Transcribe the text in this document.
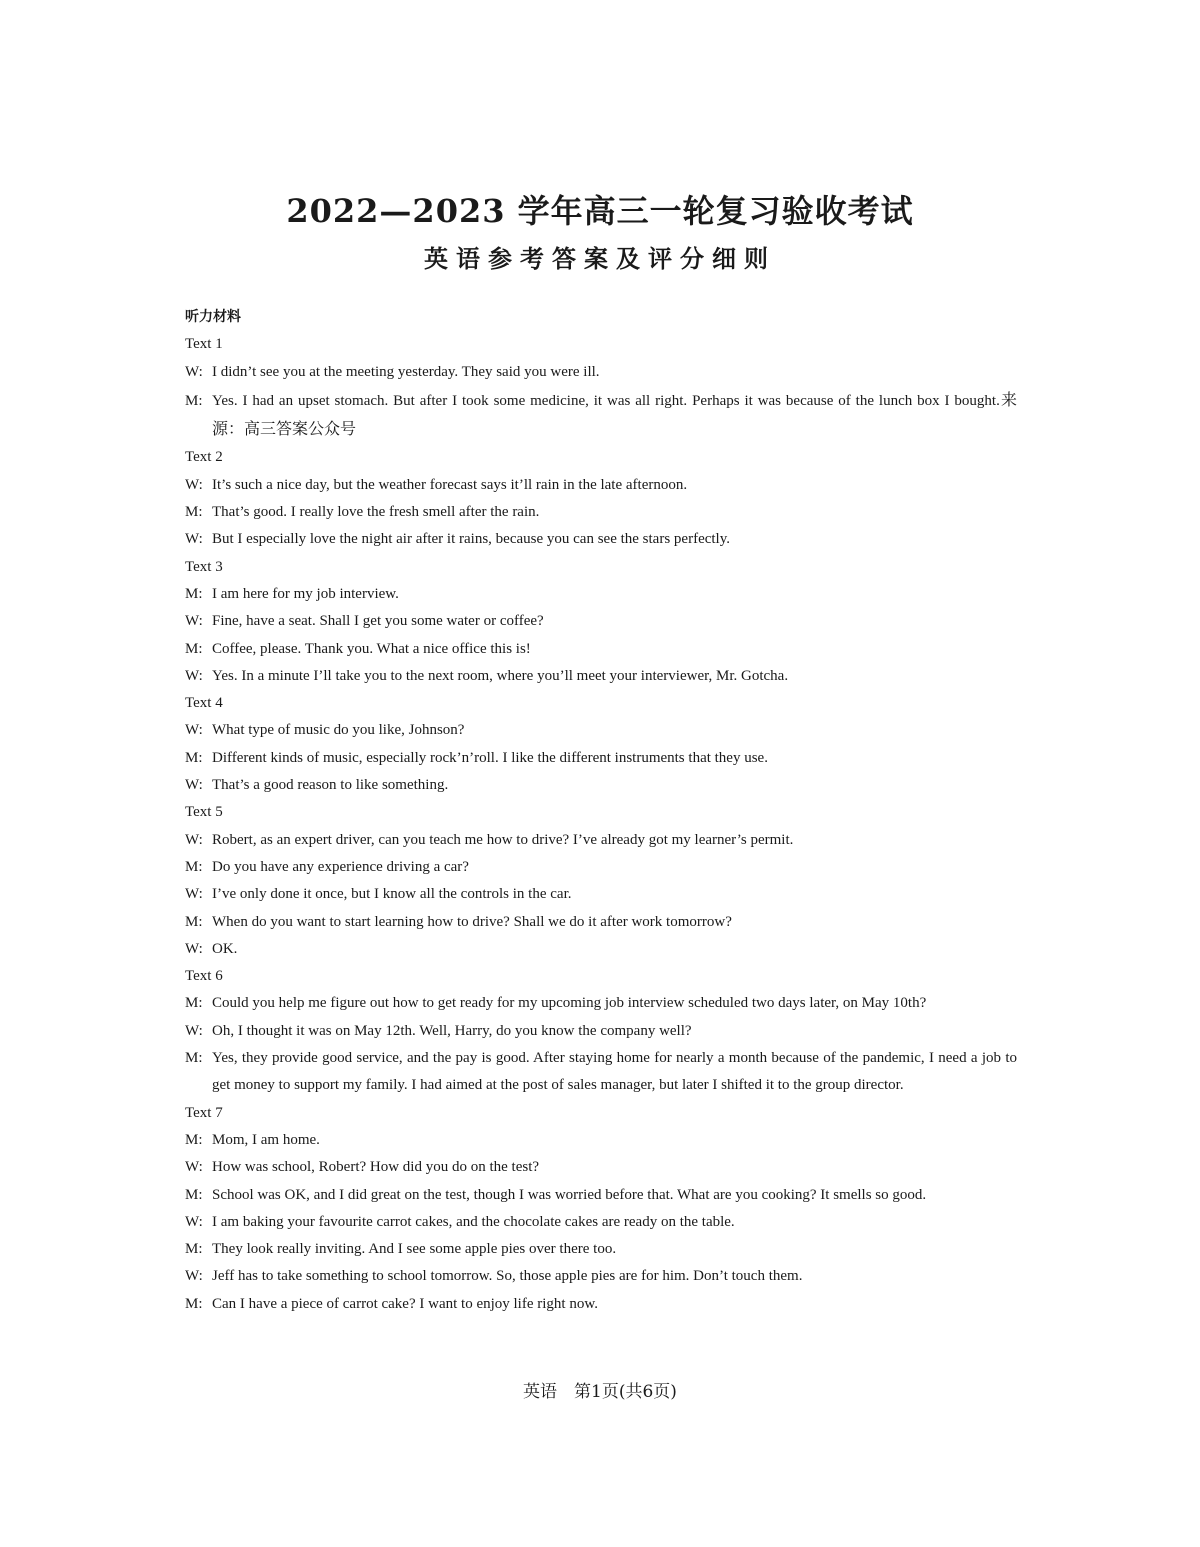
2022—2023 学年高三一轮复习验收考试
英语参考答案及评分细则
听力材料
Text 1
W: I didn’t see you at the meeting yesterday. They said you were ill.
M: Yes. I had an upset stomach. But after I took some medicine, it was all right. Perhaps it was because of the lunch box I bought.来源：高三答案公众号
Text 2
W: It’s such a nice day, but the weather forecast says it’ll rain in the late afternoon.
M: That’s good. I really love the fresh smell after the rain.
W: But I especially love the night air after it rains, because you can see the stars perfectly.
Text 3
M: I am here for my job interview.
W: Fine, have a seat. Shall I get you some water or coffee?
M: Coffee, please. Thank you. What a nice office this is!
W: Yes. In a minute I’ll take you to the next room, where you’ll meet your interviewer, Mr. Gotcha.
Text 4
W: What type of music do you like, Johnson?
M: Different kinds of music, especially rock’n’roll. I like the different instruments that they use.
W: That’s a good reason to like something.
Text 5
W: Robert, as an expert driver, can you teach me how to drive? I’ve already got my learner’s permit.
M: Do you have any experience driving a car?
W: I’ve only done it once, but I know all the controls in the car.
M: When do you want to start learning how to drive? Shall we do it after work tomorrow?
W: OK.
Text 6
M: Could you help me figure out how to get ready for my upcoming job interview scheduled two days later, on May 10th?
W: Oh, I thought it was on May 12th. Well, Harry, do you know the company well?
M: Yes, they provide good service, and the pay is good. After staying home for nearly a month because of the pandemic, I need a job to get money to support my family. I had aimed at the post of sales manager, but later I shifted it to the group director.
Text 7
M: Mom, I am home.
W: How was school, Robert? How did you do on the test?
M: School was OK, and I did great on the test, though I was worried before that. What are you cooking? It smells so good.
W: I am baking your favourite carrot cakes, and the chocolate cakes are ready on the table.
M: They look really inviting. And I see some apple pies over there too.
W: Jeff has to take something to school tomorrow. So, those apple pies are for him. Don’t touch them.
M: Can I have a piece of carrot cake? I want to enjoy life right now.
英语　第1页(共6页)
